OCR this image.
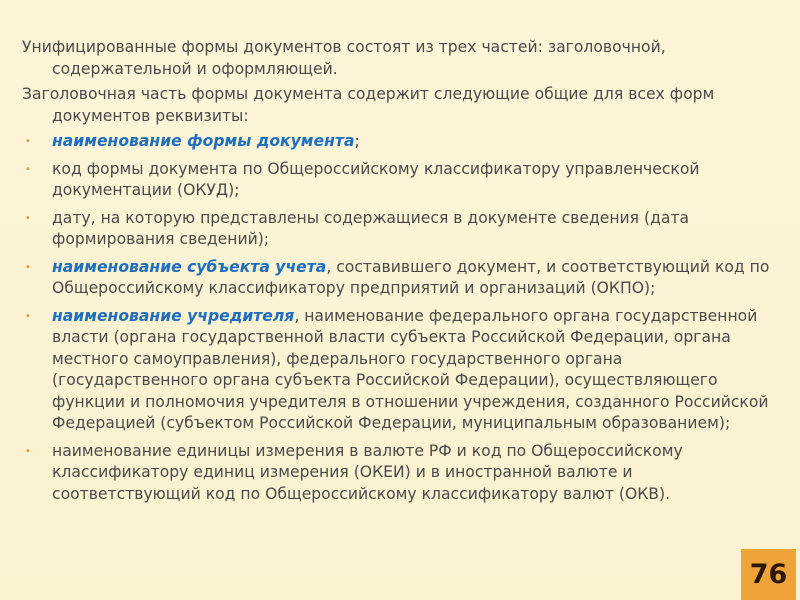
Унифицированные формы документов состоят из трех частей: заголовочной, содержательной и оформляющей.

Заголовочная часть формы документа содержит следующие общие для всех форм документов реквизиты:

• наименование формы документа;
• код формы документа по Общероссийскому классификатору управленческой документации (ОКУД);
• дату, на которую представлены содержащиеся в документе сведения (дата формирования сведений);
• наименование субъекта учета, составившего документ, и соответствующий код по Общероссийскому классификатору предприятий и организаций (ОКПО);
• наименование учредителя, наименование федерального органа государственной власти (органа государственной власти субъекта Российской Федерации, органа местного самоуправления), федерального государственного органа (государственного органа субъекта Российской Федерации), осуществляющего функции и полномочия учредителя в отношении учреждения, созданного Российской Федерацией (субъектом Российской Федерации, муниципальным образованием);
• наименование единицы измерения в валюте РФ и код по Общероссийскому классификатору единиц измерения (ОКЕИ) и в иностранной валюте и соответствующий код по Общероссийскому классификатору валют (ОКВ).
76
